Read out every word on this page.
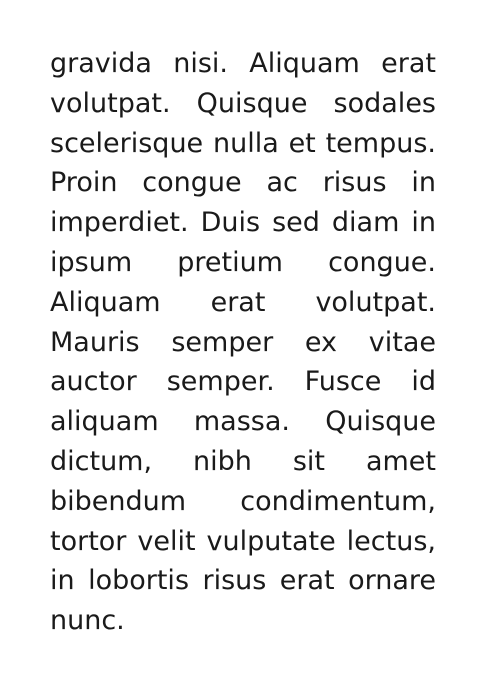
gravida nisi. Aliquam erat volutpat. Quisque sodales scelerisque nulla et tempus. Proin congue ac risus in imperdiet. Duis sed diam in ipsum pretium congue. Aliquam erat volutpat. Mauris semper ex vitae auctor semper. Fusce id aliquam massa. Quisque dictum, nibh sit amet bibendum condimentum, tortor velit vulputate lectus, in lobortis risus erat ornare nunc.
